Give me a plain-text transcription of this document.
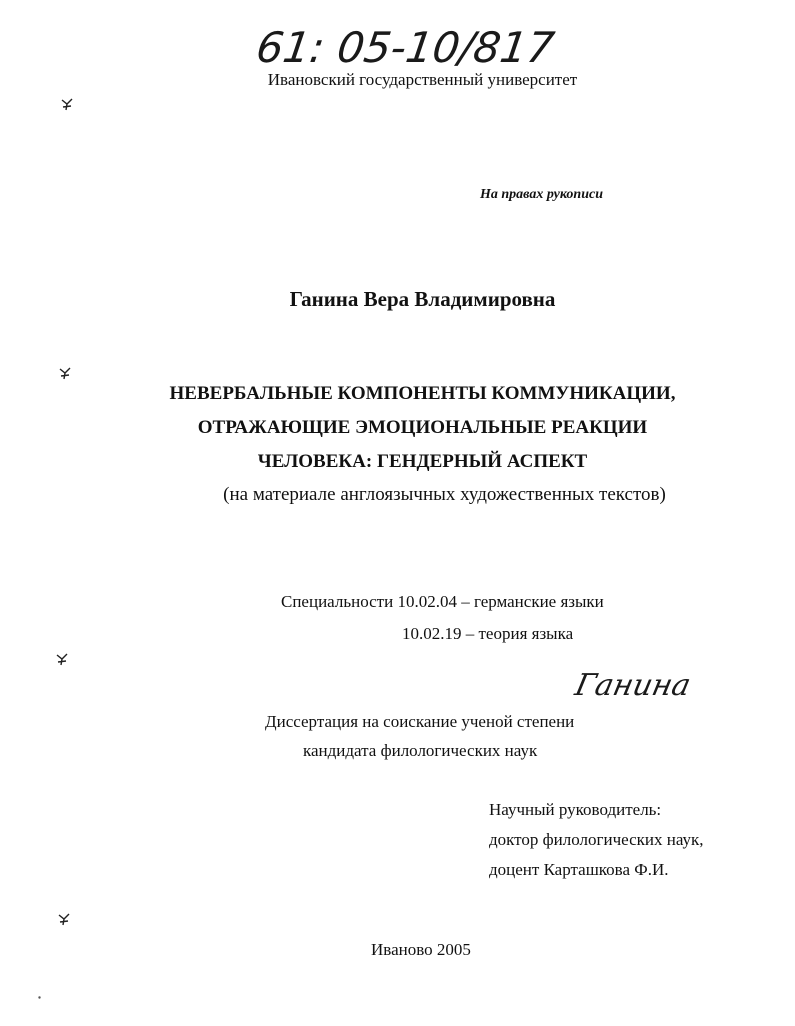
61: 05-10/817
Ивановский государственный университет
На правах рукописи
Ганина Вера Владимировна
НЕВЕРБАЛЬНЫЕ КОМПОНЕНТЫ КОММУНИКАЦИИ,
ОТРАЖАЮЩИЕ ЭМОЦИОНАЛЬНЫЕ РЕАКЦИИ
ЧЕЛОВЕКА: ГЕНДЕРНЫЙ АСПЕКТ
(на материале англоязычных художественных текстов)
Специальности 10.02.04 – германские языки
10.02.19 – теория языка
Ганина
Диссертация на соискание ученой степени
кандидата филологических наук
Научный руководитель:
доктор филологических наук,
доцент Карташкова Ф.И.
Иваново 2005
